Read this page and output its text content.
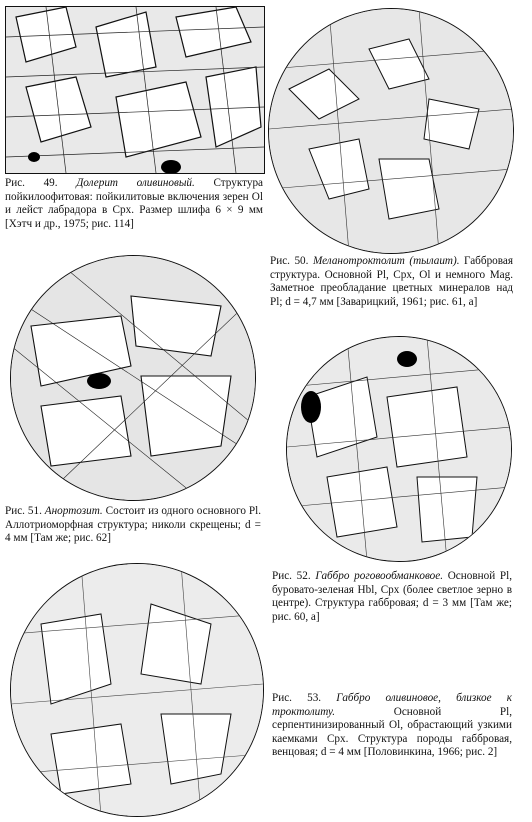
Рис. 49. Долерит оливиновый. Структура пойкилоофитовая: пойкилитовые включения зерен Ol и лейст лабрадора в Срх. Размер шлифа 6 × 9 мм [Хэтч и др., 1975; рис. 114]
Рис. 50. Меланотроктолит (тылаит). Габбровая структура. Основной Pl, Срх, Ol и немного Mag. Заметное преобладание цветных минералов над Pl; d = 4,7 мм [Заварицкий, 1961; рис. 61, a]
Рис. 51. Анортозит. Состоит из одного основного Pl. Аллотриоморфная структура; николи скрещены; d = 4 мм [Там же; рис. 62]
Рис. 52. Габбро роговообманковое. Основной Pl, буровато-зеленая Hbl, Срх (более светлое зерно в центре). Структура габбровая; d = 3 мм [Там же; рис. 60, a]
Рис. 53. Габбро оливиновое, близкое к троктолиту.	Основной Pl, серпентинизированный Ol, обрастающий узкими каемками Срх. Структура породы габбровая, венцовая; d = 4 мм [Половинкина, 1966; рис. 2]
